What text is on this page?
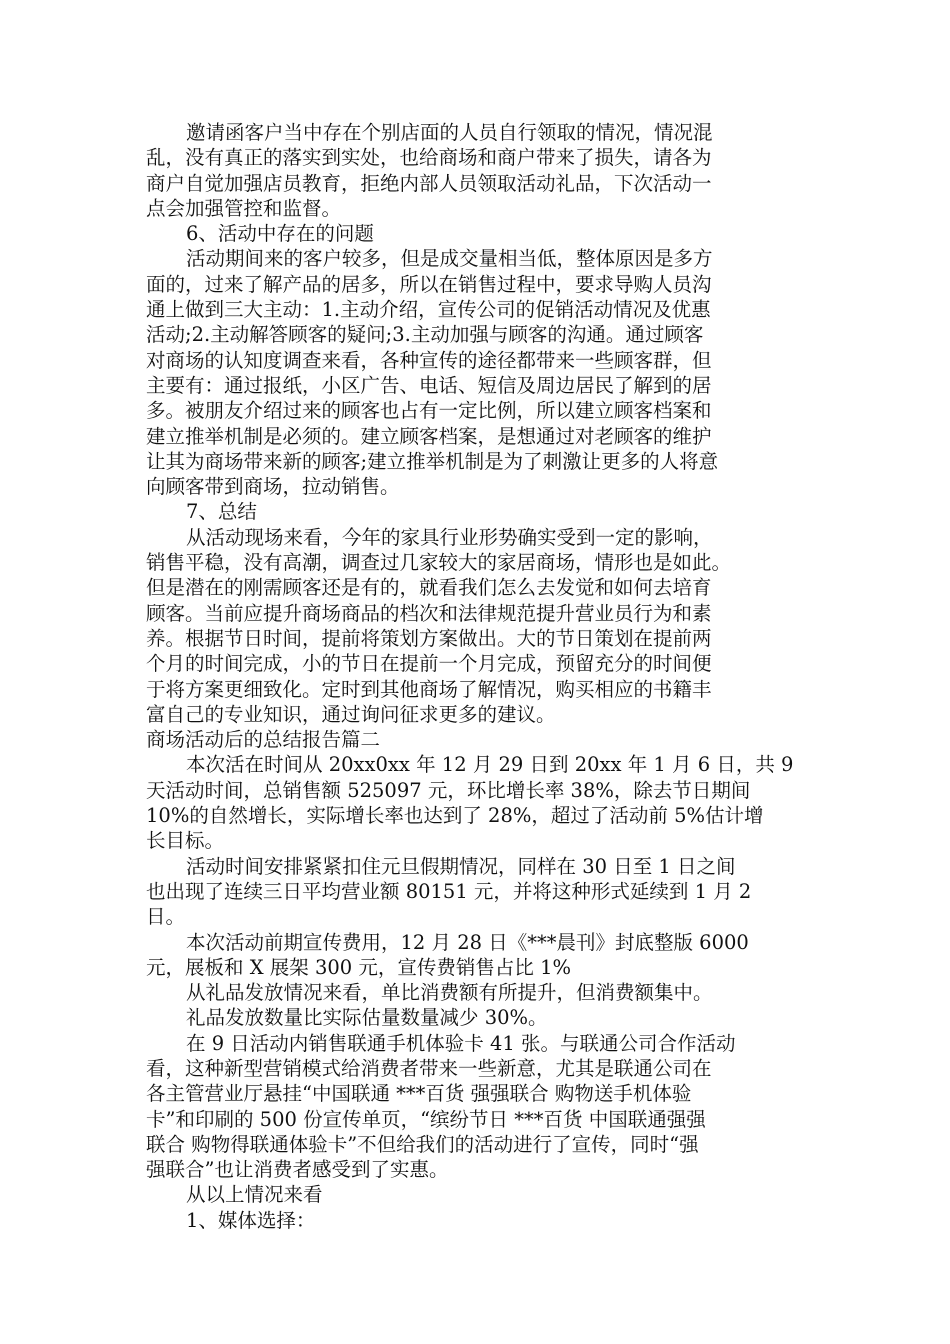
邀请函客户当中存在个别店面的人员自行领取的情况，情况混
乱，没有真正的落实到实处，也给商场和商户带来了损失，请各为
商户自觉加强店员教育，拒绝内部人员领取活动礼品，下次活动一
点会加强管控和监督。
6、活动中存在的问题
活动期间来的客户较多，但是成交量相当低，整体原因是多方
面的，过来了解产品的居多，所以在销售过程中，要求导购人员沟
通上做到三大主动：1.主动介绍，宣传公司的促销活动情况及优惠
活动;2.主动解答顾客的疑问;3.主动加强与顾客的沟通。通过顾客
对商场的认知度调查来看，各种宣传的途径都带来一些顾客群，但
主要有：通过报纸，小区广告、电话、短信及周边居民了解到的居
多。被朋友介绍过来的顾客也占有一定比例，所以建立顾客档案和
建立推举机制是必须的。建立顾客档案，是想通过对老顾客的维护
让其为商场带来新的顾客;建立推举机制是为了刺激让更多的人将意
向顾客带到商场，拉动销售。
7、总结
从活动现场来看，今年的家具行业形势确实受到一定的影响，
销售平稳，没有高潮，调查过几家较大的家居商场，情形也是如此。
但是潜在的刚需顾客还是有的，就看我们怎么去发觉和如何去培育
顾客。当前应提升商场商品的档次和法律规范提升营业员行为和素
养。根据节日时间，提前将策划方案做出。大的节日策划在提前两
个月的时间完成，小的节日在提前一个月完成，预留充分的时间便
于将方案更细致化。定时到其他商场了解情况，购买相应的书籍丰
富自己的专业知识，通过询问征求更多的建议。
商场活动后的总结报告篇二
本次活在时间从 20xx0xx 年 12 月 29 日到 20xx 年 1 月 6 日，共 9
天活动时间，总销售额 525097 元，环比增长率 38%，除去节日期间
10%的自然增长，实际增长率也达到了 28%，超过了活动前 5%估计增
长目标。
活动时间安排紧紧扣住元旦假期情况，同样在 30 日至 1 日之间
也出现了连续三日平均营业额 80151 元，并将这种形式延续到 1 月 2
日。
本次活动前期宣传费用，12 月 28 日《***晨刊》封底整版 6000
元，展板和 X 展架 300 元，宣传费销售占比 1%
从礼品发放情况来看，单比消费额有所提升，但消费额集中。
礼品发放数量比实际估量数量减少 30%。
在 9 日活动内销售联通手机体验卡 41 张。与联通公司合作活动
看，这种新型营销模式给消费者带来一些新意，尤其是联通公司在
各主管营业厅悬挂“中国联通 ***百货 强强联合 购物送手机体验
卡”和印刷的 500 份宣传单页，“缤纷节日 ***百货 中国联通强强
联合 购物得联通体验卡”不但给我们的活动进行了宣传，同时“强
强联合”也让消费者感受到了实惠。
从以上情况来看
1、媒体选择：
